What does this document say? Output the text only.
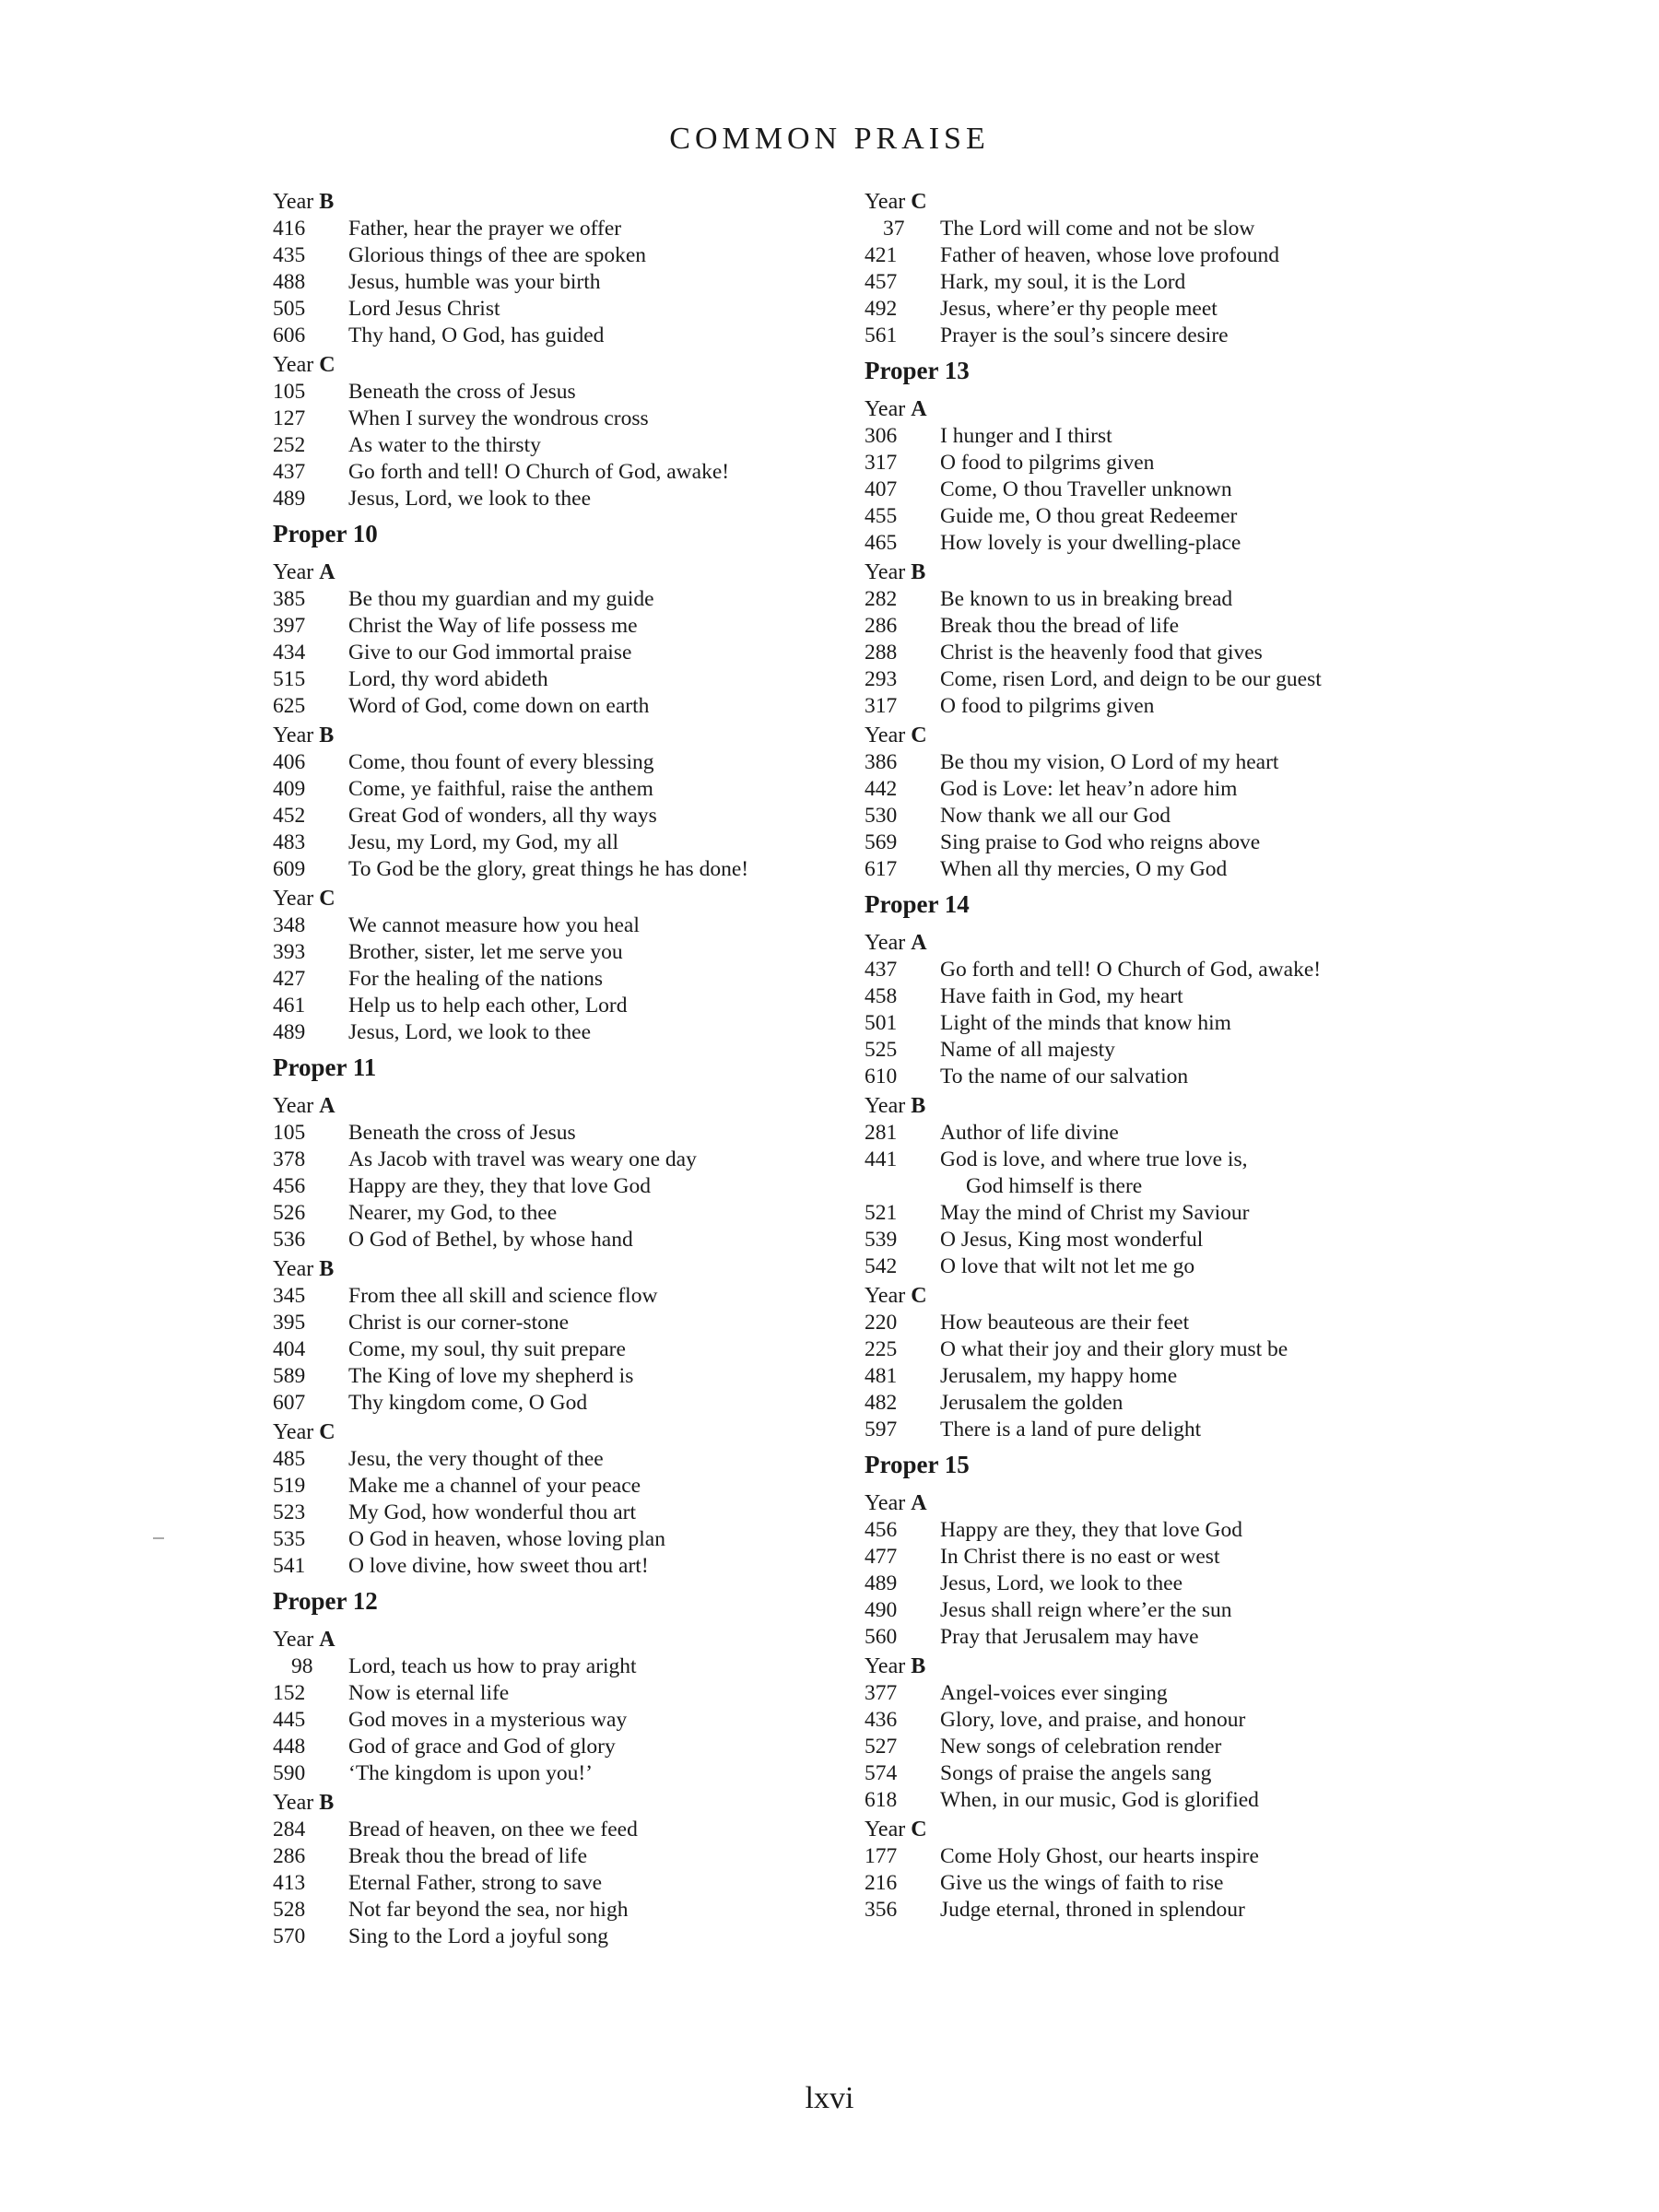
COMMON PRAISE
Year B
416	Father, hear the prayer we offer
435	Glorious things of thee are spoken
488	Jesus, humble was your birth
505	Lord Jesus Christ
606	Thy hand, O God, has guided
Year C
105	Beneath the cross of Jesus
127	When I survey the wondrous cross
252	As water to the thirsty
437	Go forth and tell! O Church of God, awake!
489	Jesus, Lord, we look to thee
Proper 10
Year A
385	Be thou my guardian and my guide
397	Christ the Way of life possess me
434	Give to our God immortal praise
515	Lord, thy word abideth
625	Word of God, come down on earth
Year B
406	Come, thou fount of every blessing
409	Come, ye faithful, raise the anthem
452	Great God of wonders, all thy ways
483	Jesu, my Lord, my God, my all
609	To God be the glory, great things he has done!
Year C
348	We cannot measure how you heal
393	Brother, sister, let me serve you
427	For the healing of the nations
461	Help us to help each other, Lord
489	Jesus, Lord, we look to thee
Proper 11
Year A
105	Beneath the cross of Jesus
378	As Jacob with travel was weary one day
456	Happy are they, they that love God
526	Nearer, my God, to thee
536	O God of Bethel, by whose hand
Year B
345	From thee all skill and science flow
395	Christ is our corner-stone
404	Come, my soul, thy suit prepare
589	The King of love my shepherd is
607	Thy kingdom come, O God
Year C
485	Jesu, the very thought of thee
519	Make me a channel of your peace
523	My God, how wonderful thou art
535	O God in heaven, whose loving plan
541	O love divine, how sweet thou art!
Proper 12
Year A
98	Lord, teach us how to pray aright
152	Now is eternal life
445	God moves in a mysterious way
448	God of grace and God of glory
590	‘The kingdom is upon you!’
Year B
284	Bread of heaven, on thee we feed
286	Break thou the bread of life
413	Eternal Father, strong to save
528	Not far beyond the sea, nor high
570	Sing to the Lord a joyful song
Year C
37	The Lord will come and not be slow
421	Father of heaven, whose love profound
457	Hark, my soul, it is the Lord
492	Jesus, where’er thy people meet
561	Prayer is the soul’s sincere desire
Proper 13
Year A
306	I hunger and I thirst
317	O food to pilgrims given
407	Come, O thou Traveller unknown
455	Guide me, O thou great Redeemer
465	How lovely is your dwelling-place
Year B
282	Be known to us in breaking bread
286	Break thou the bread of life
288	Christ is the heavenly food that gives
293	Come, risen Lord, and deign to be our guest
317	O food to pilgrims given
Year C
386	Be thou my vision, O Lord of my heart
442	God is Love: let heav’n adore him
530	Now thank we all our God
569	Sing praise to God who reigns above
617	When all thy mercies, O my God
Proper 14
Year A
437	Go forth and tell! O Church of God, awake!
458	Have faith in God, my heart
501	Light of the minds that know him
525	Name of all majesty
610	To the name of our salvation
Year B
281	Author of life divine
441	God is love, and where true love is,
God himself is there
521	May the mind of Christ my Saviour
539	O Jesus, King most wonderful
542	O love that wilt not let me go
Year C
220	How beauteous are their feet
225	O what their joy and their glory must be
481	Jerusalem, my happy home
482	Jerusalem the golden
597	There is a land of pure delight
Proper 15
Year A
456	Happy are they, they that love God
477	In Christ there is no east or west
489	Jesus, Lord, we look to thee
490	Jesus shall reign where’er the sun
560	Pray that Jerusalem may have
Year B
377	Angel-voices ever singing
436	Glory, love, and praise, and honour
527	New songs of celebration render
574	Songs of praise the angels sang
618	When, in our music, God is glorified
Year C
177	Come Holy Ghost, our hearts inspire
216	Give us the wings of faith to rise
356	Judge eternal, throned in splendour
lxvi
